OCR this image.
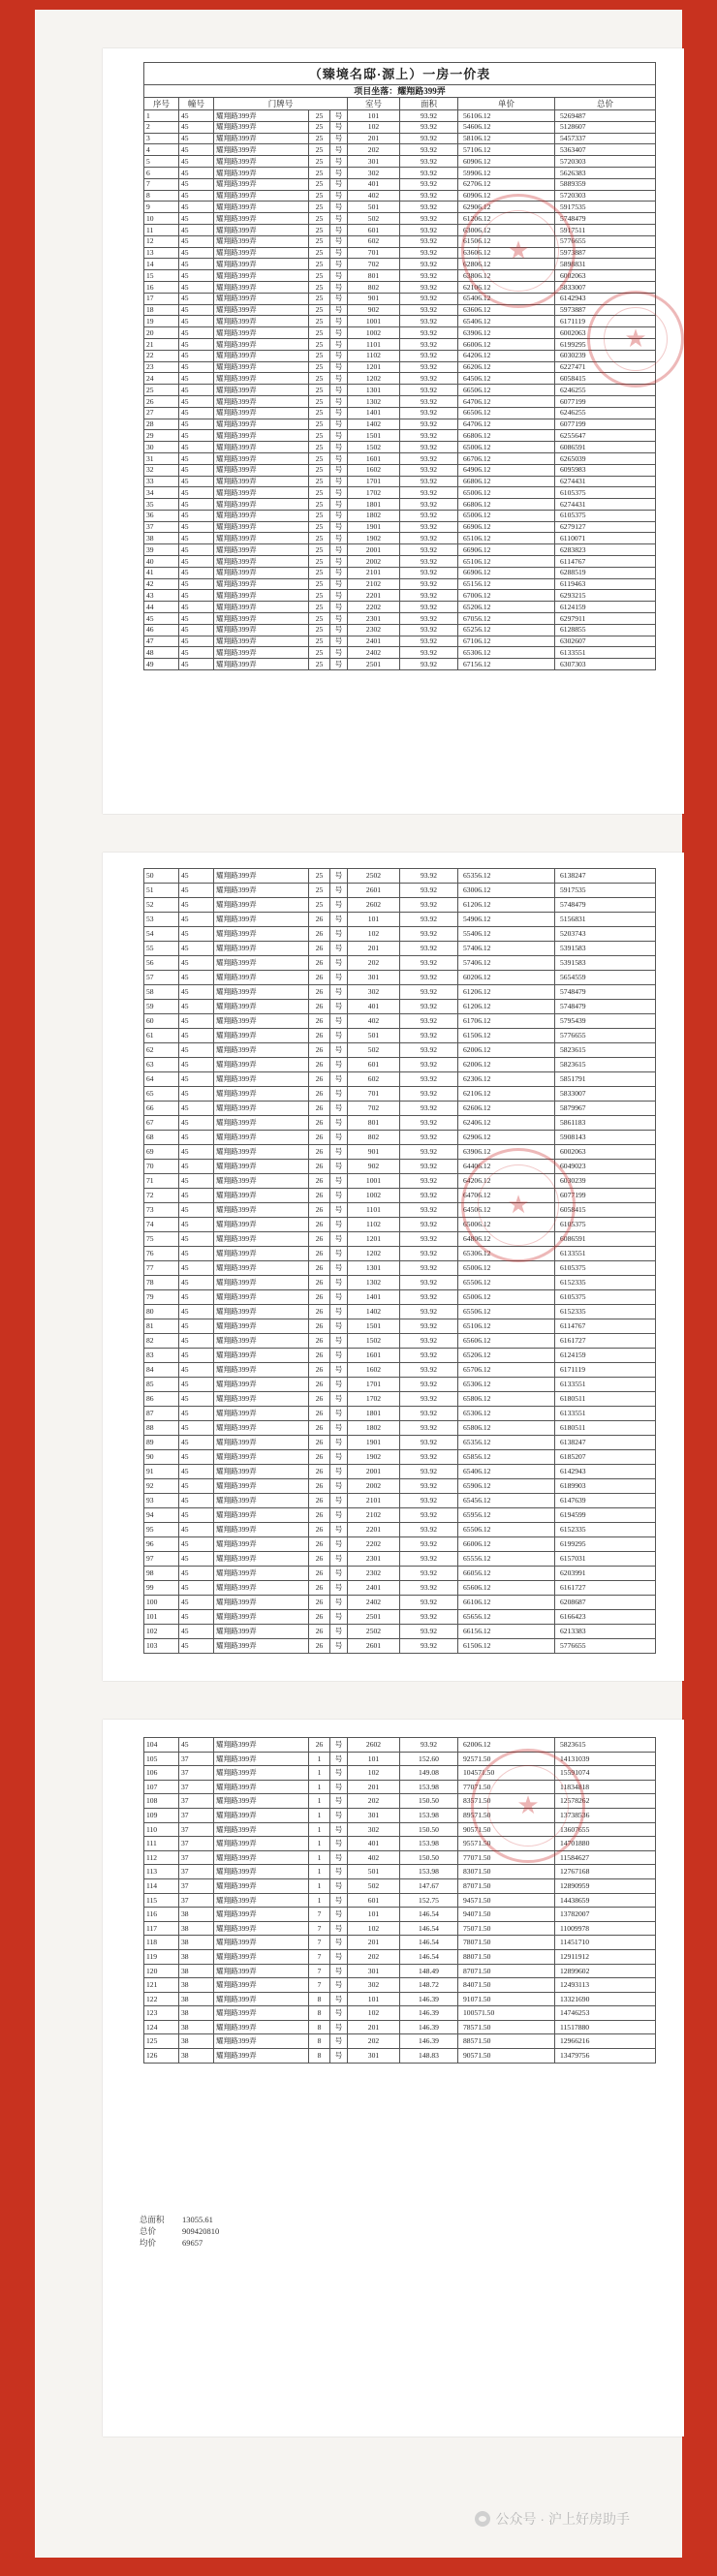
（臻境名邸·源上）一房一价表								
项目坐落：耀翔路399弄								
序号	幢号	门牌号			室号	面积	单价	总价
1	45	耀翔路399弄	25	号	101	93.92	56106.12	5269487
2	45	耀翔路399弄	25	号	102	93.92	54606.12	5128607
3	45	耀翔路399弄	25	号	201	93.92	58106.12	5457337
4	45	耀翔路399弄	25	号	202	93.92	57106.12	5363407
5	45	耀翔路399弄	25	号	301	93.92	60906.12	5720303
6	45	耀翔路399弄	25	号	302	93.92	59906.12	5626383
7	45	耀翔路399弄	25	号	401	93.92	62706.12	5889359
8	45	耀翔路399弄	25	号	402	93.92	60906.12	5720303
9	45	耀翔路399弄	25	号	501	93.92	62906.12	5917535
10	45	耀翔路399弄	25	号	502	93.92	61206.12	5748479
11	45	耀翔路399弄	25	号	601	93.92	63006.12	5917511
12	45	耀翔路399弄	25	号	602	93.92	61506.12	5776655
13	45	耀翔路399弄	25	号	701	93.92	63606.12	5973887
14	45	耀翔路399弄	25	号	702	93.92	62806.12	5898831
15	45	耀翔路399弄	25	号	801	93.92	63806.12	6002063
16	45	耀翔路399弄	25	号	802	93.92	62106.12	5833007
17	45	耀翔路399弄	25	号	901	93.92	65406.12	6142943
18	45	耀翔路399弄	25	号	902	93.92	63606.12	5973887
19	45	耀翔路399弄	25	号	1001	93.92	65406.12	6171119
20	45	耀翔路399弄	25	号	1002	93.92	63906.12	6002063
21	45	耀翔路399弄	25	号	1101	93.92	66006.12	6199295
22	45	耀翔路399弄	25	号	1102	93.92	64206.12	6030239
23	45	耀翔路399弄	25	号	1201	93.92	66206.12	6227471
24	45	耀翔路399弄	25	号	1202	93.92	64506.12	6058415
25	45	耀翔路399弄	25	号	1301	93.92	66506.12	6246255
26	45	耀翔路399弄	25	号	1302	93.92	64706.12	6077199
27	45	耀翔路399弄	25	号	1401	93.92	66506.12	6246255
28	45	耀翔路399弄	25	号	1402	93.92	64706.12	6077199
29	45	耀翔路399弄	25	号	1501	93.92	66806.12	6255647
30	45	耀翔路399弄	25	号	1502	93.92	65006.12	6086591
31	45	耀翔路399弄	25	号	1601	93.92	66706.12	6265039
32	45	耀翔路399弄	25	号	1602	93.92	64906.12	6095983
33	45	耀翔路399弄	25	号	1701	93.92	66806.12	6274431
34	45	耀翔路399弄	25	号	1702	93.92	65006.12	6105375
35	45	耀翔路399弄	25	号	1801	93.92	66806.12	6274431
36	45	耀翔路399弄	25	号	1802	93.92	65006.12	6105375
37	45	耀翔路399弄	25	号	1901	93.92	66906.12	6279127
38	45	耀翔路399弄	25	号	1902	93.92	65106.12	6110071
39	45	耀翔路399弄	25	号	2001	93.92	66906.12	6283823
40	45	耀翔路399弄	25	号	2002	93.92	65106.12	6114767
41	45	耀翔路399弄	25	号	2101	93.92	66906.12	6288519
42	45	耀翔路399弄	25	号	2102	93.92	65156.12	6119463
43	45	耀翔路399弄	25	号	2201	93.92	67006.12	6293215
44	45	耀翔路399弄	25	号	2202	93.92	65206.12	6124159
45	45	耀翔路399弄	25	号	2301	93.92	67056.12	6297911
46	45	耀翔路399弄	25	号	2302	93.92	65256.12	6128855
47	45	耀翔路399弄	25	号	2401	93.92	67106.12	6302607
48	45	耀翔路399弄	25	号	2402	93.92	65306.12	6133551
49	45	耀翔路399弄	25	号	2501	93.92	67156.12	6307303
★
★
50	45	耀翔路399弄	25	号	2502	93.92	65356.12	6138247
51	45	耀翔路399弄	25	号	2601	93.92	63006.12	5917535
52	45	耀翔路399弄	25	号	2602	93.92	61206.12	5748479
53	45	耀翔路399弄	26	号	101	93.92	54906.12	5156831
54	45	耀翔路399弄	26	号	102	93.92	55406.12	5203743
55	45	耀翔路399弄	26	号	201	93.92	57406.12	5391583
56	45	耀翔路399弄	26	号	202	93.92	57406.12	5391583
57	45	耀翔路399弄	26	号	301	93.92	60206.12	5654559
58	45	耀翔路399弄	26	号	302	93.92	61206.12	5748479
59	45	耀翔路399弄	26	号	401	93.92	61206.12	5748479
60	45	耀翔路399弄	26	号	402	93.92	61706.12	5795439
61	45	耀翔路399弄	26	号	501	93.92	61506.12	5776655
62	45	耀翔路399弄	26	号	502	93.92	62006.12	5823615
63	45	耀翔路399弄	26	号	601	93.92	62006.12	5823615
64	45	耀翔路399弄	26	号	602	93.92	62306.12	5851791
65	45	耀翔路399弄	26	号	701	93.92	62106.12	5833007
66	45	耀翔路399弄	26	号	702	93.92	62606.12	5879967
67	45	耀翔路399弄	26	号	801	93.92	62406.12	5861183
68	45	耀翔路399弄	26	号	802	93.92	62906.12	5908143
69	45	耀翔路399弄	26	号	901	93.92	63906.12	6002063
70	45	耀翔路399弄	26	号	902	93.92	64406.12	6049023
71	45	耀翔路399弄	26	号	1001	93.92	64206.12	6030239
72	45	耀翔路399弄	26	号	1002	93.92	64706.12	6077199
73	45	耀翔路399弄	26	号	1101	93.92	64506.12	6058415
74	45	耀翔路399弄	26	号	1102	93.92	65006.12	6105375
75	45	耀翔路399弄	26	号	1201	93.92	64806.12	6086591
76	45	耀翔路399弄	26	号	1202	93.92	65306.12	6133551
77	45	耀翔路399弄	26	号	1301	93.92	65006.12	6105375
78	45	耀翔路399弄	26	号	1302	93.92	65506.12	6152335
79	45	耀翔路399弄	26	号	1401	93.92	65006.12	6105375
80	45	耀翔路399弄	26	号	1402	93.92	65506.12	6152335
81	45	耀翔路399弄	26	号	1501	93.92	65106.12	6114767
82	45	耀翔路399弄	26	号	1502	93.92	65606.12	6161727
83	45	耀翔路399弄	26	号	1601	93.92	65206.12	6124159
84	45	耀翔路399弄	26	号	1602	93.92	65706.12	6171119
85	45	耀翔路399弄	26	号	1701	93.92	65306.12	6133551
86	45	耀翔路399弄	26	号	1702	93.92	65806.12	6180511
87	45	耀翔路399弄	26	号	1801	93.92	65306.12	6133551
88	45	耀翔路399弄	26	号	1802	93.92	65806.12	6180511
89	45	耀翔路399弄	26	号	1901	93.92	65356.12	6138247
90	45	耀翔路399弄	26	号	1902	93.92	65856.12	6185207
91	45	耀翔路399弄	26	号	2001	93.92	65406.12	6142943
92	45	耀翔路399弄	26	号	2002	93.92	65906.12	6189903
93	45	耀翔路399弄	26	号	2101	93.92	65456.12	6147639
94	45	耀翔路399弄	26	号	2102	93.92	65956.12	6194599
95	45	耀翔路399弄	26	号	2201	93.92	65506.12	6152335
96	45	耀翔路399弄	26	号	2202	93.92	66006.12	6199295
97	45	耀翔路399弄	26	号	2301	93.92	65556.12	6157031
98	45	耀翔路399弄	26	号	2302	93.92	66056.12	6203991
99	45	耀翔路399弄	26	号	2401	93.92	65606.12	6161727
100	45	耀翔路399弄	26	号	2402	93.92	66106.12	6208687
101	45	耀翔路399弄	26	号	2501	93.92	65656.12	6166423
102	45	耀翔路399弄	26	号	2502	93.92	66156.12	6213383
103	45	耀翔路399弄	26	号	2601	93.92	61506.12	5776655
★
104	45	耀翔路399弄	26	号	2602	93.92	62006.12	5823615
105	37	耀翔路399弄	1	号	101	152.60	92571.50	14131039
106	37	耀翔路399弄	1	号	102	149.08	104571.50	15591074
107	37	耀翔路399弄	1	号	201	153.98	77071.50	11834818
108	37	耀翔路399弄	1	号	202	150.50	83571.50	12578262
109	37	耀翔路399弄	1	号	301	153.98	89571.50	13738536
110	37	耀翔路399弄	1	号	302	150.50	90571.50	13607655
111	37	耀翔路399弄	1	号	401	153.98	95571.50	14701880
112	37	耀翔路399弄	1	号	402	150.50	77071.50	11584627
113	37	耀翔路399弄	1	号	501	153.98	83071.50	12767168
114	37	耀翔路399弄	1	号	502	147.67	87071.50	12890959
115	37	耀翔路399弄	1	号	601	152.75	94571.50	14438659
116	38	耀翔路399弄	7	号	101	146.54	94071.50	13782007
117	38	耀翔路399弄	7	号	102	146.54	75071.50	11009978
118	38	耀翔路399弄	7	号	201	146.54	78071.50	11451710
119	38	耀翔路399弄	7	号	202	146.54	88071.50	12911912
120	38	耀翔路399弄	7	号	301	148.49	87071.50	12899602
121	38	耀翔路399弄	7	号	302	148.72	84071.50	12493113
122	38	耀翔路399弄	8	号	101	146.39	91071.50	13321690
123	38	耀翔路399弄	8	号	102	146.39	100571.50	14746253
124	38	耀翔路399弄	8	号	201	146.39	78571.50	11517880
125	38	耀翔路399弄	8	号	202	146.39	88571.50	12966216
126	38	耀翔路399弄	8	号	301	148.83	90571.50	13479756
★
总面积 13055.61
总价	909420810
均价	69657
公众号 · 沪上好房助手
